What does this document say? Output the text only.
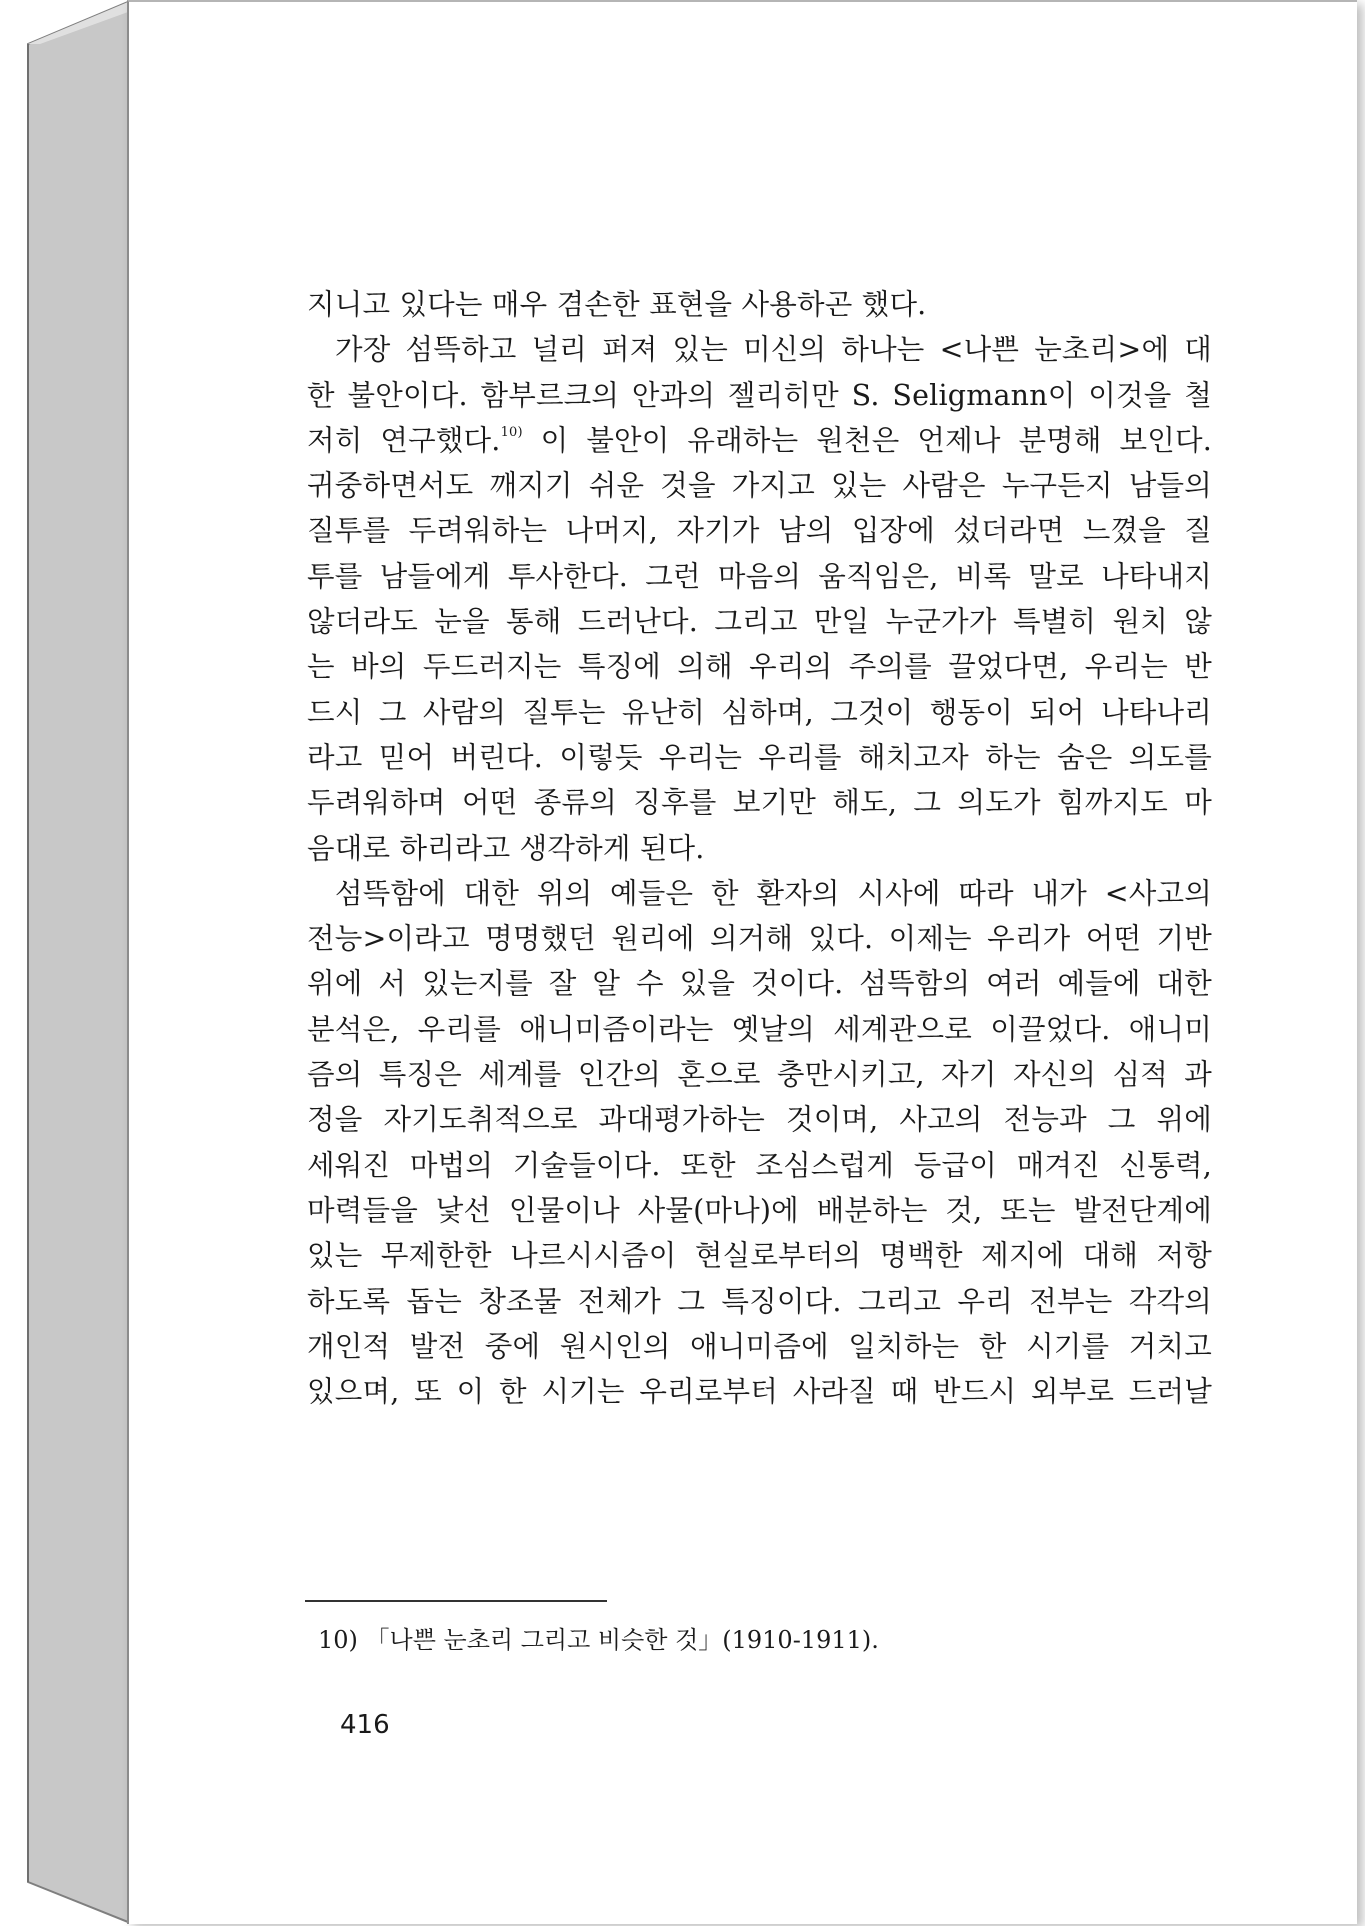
지니고 있다는 매우 겸손한 표현을 사용하곤 했다.
가장 섬뜩하고 널리 퍼져 있는 미신의 하나는 <나쁜 눈초리>에 대
한 불안이다. 함부르크의 안과의 젤리히만 S. Seligmann이 이것을 철
저히 연구했다.$^{10)}$ 이 불안이 유래하는 원천은 언제나 분명해 보인다.
귀중하면서도 깨지기 쉬운 것을 가지고 있는 사람은 누구든지 남들의
질투를 두려워하는 나머지, 자기가 남의 입장에 섰더라면 느꼈을 질
투를 남들에게 투사한다. 그런 마음의 움직임은, 비록 말로 나타내지
않더라도 눈을 통해 드러난다. 그리고 만일 누군가가 특별히 원치 않
는 바의 두드러지는 특징에 의해 우리의 주의를 끌었다면, 우리는 반
드시 그 사람의 질투는 유난히 심하며, 그것이 행동이 되어 나타나리
라고 믿어 버린다. 이렇듯 우리는 우리를 해치고자 하는 숨은 의도를
두려워하며 어떤 종류의 징후를 보기만 해도, 그 의도가 힘까지도 마
음대로 하리라고 생각하게 된다.
섬뜩함에 대한 위의 예들은 한 환자의 시사에 따라 내가 <사고의
전능>이라고 명명했던 원리에 의거해 있다. 이제는 우리가 어떤 기반
위에 서 있는지를 잘 알 수 있을 것이다. 섬뜩함의 여러 예들에 대한
분석은, 우리를 애니미즘이라는 옛날의 세계관으로 이끌었다. 애니미
즘의 특징은 세계를 인간의 혼으로 충만시키고, 자기 자신의 심적 과
정을 자기도취적으로 과대평가하는 것이며, 사고의 전능과 그 위에
세워진 마법의 기술들이다. 또한 조심스럽게 등급이 매겨진 신통력,
마력들을 낯선 인물이나 사물(마나)에 배분하는 것, 또는 발전단계에
있는 무제한한 나르시시즘이 현실로부터의 명백한 제지에 대해 저항
하도록 돕는 창조물 전체가 그 특징이다. 그리고 우리 전부는 각각의
개인적 발전 중에 원시인의 애니미즘에 일치하는 한 시기를 거치고
있으며, 또 이 한 시기는 우리로부터 사라질 때 반드시 외부로 드러날
10) 「나쁜 눈초리 그리고 비슷한 것」(1910-1911).
416
